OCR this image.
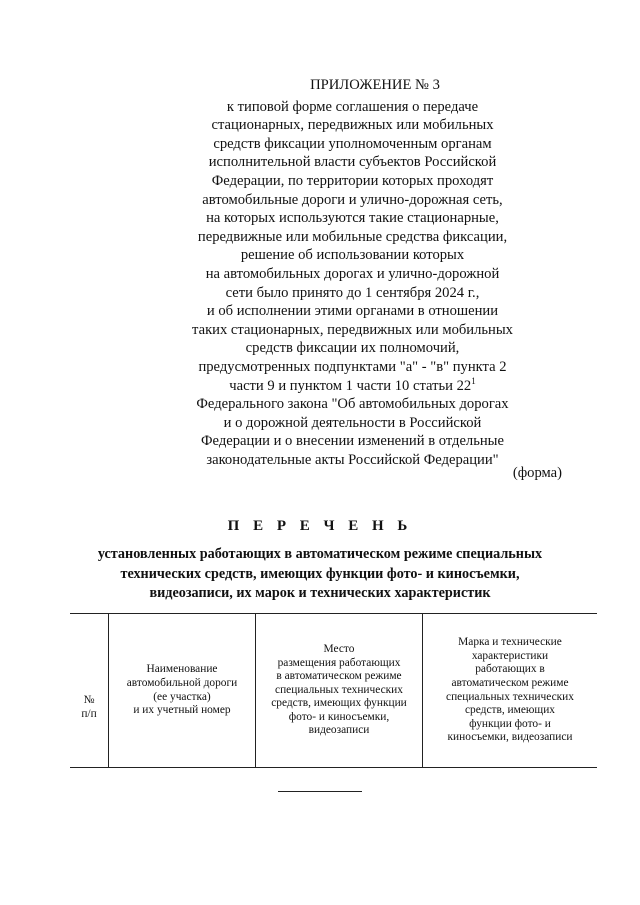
ПРИЛОЖЕНИЕ № 3
к типовой форме соглашения о передаче
стационарных, передвижных или мобильных
средств фиксации уполномоченным органам
исполнительной власти субъектов Российской
Федерации, по территории которых проходят
автомобильные дороги и улично-дорожная сеть,
на которых используются такие стационарные,
передвижные или мобильные средства фиксации,
решение об использовании которых
на автомобильных дорогах и улично-дорожной
сети было принято до 1 сентября 2024 г.,
и об исполнении этими органами в отношении
таких стационарных, передвижных или мобильных
средств фиксации их полномочий,
предусмотренных подпунктами "а" - "в" пункта 2
части 9 и пунктом 1 части 10 статьи $22^1$
Федерального закона "Об автомобильных дорогах
и о дорожной деятельности в Российской
Федерации и о внесении изменений в отдельные
законодательные акты Российской Федерации"
(форма)
П Е Р Е Ч Е Н Ь
установленных работающих в автоматическом режиме специальных
технических средств, имеющих функции фото- и киносъемки,
видеозаписи, их марок и технических характеристик
№
п/п

Наименование
автомобильной дороги
(ее участка)
и их учетный номер

Место
размещения работающих
в автоматическом режиме
специальных технических
средств, имеющих функции
фото- и киносъемки,
видеозаписи

Марка и технические
характеристики
работающих в
автоматическом режиме
специальных технических
средств, имеющих
функции фото- и
киносъемки, видеозаписи
